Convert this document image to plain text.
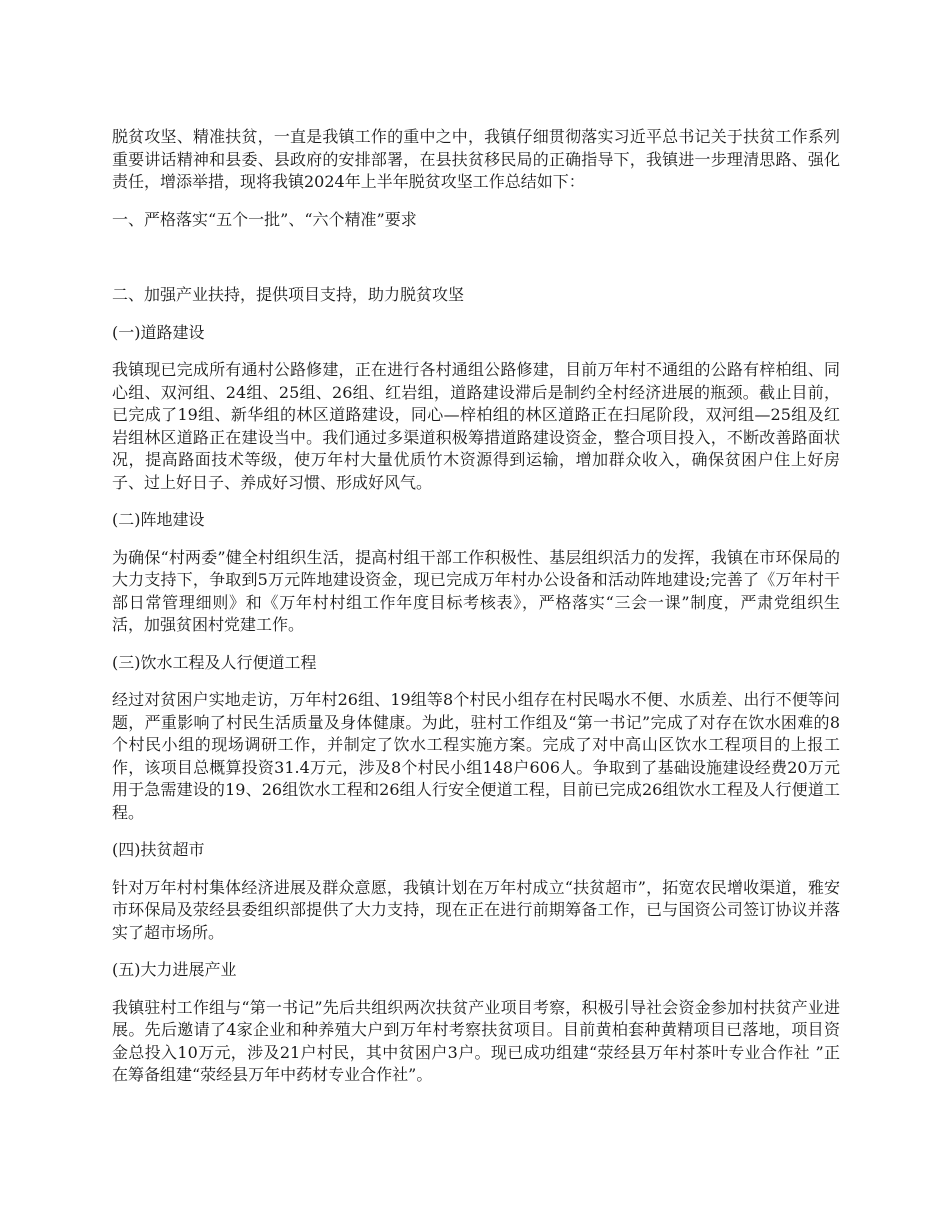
脱贫攻坚、精准扶贫，一直是我镇工作的重中之中，我镇仔细贯彻落实习近平总书记关于扶贫工作系列重要讲话精神和县委、县政府的安排部署，在县扶贫移民局的正确指导下，我镇进一步理清思路、强化责任，增添举措，现将我镇2024年上半年脱贫攻坚工作总结如下：

一、严格落实“五个一批”、“六个精准”要求

二、加强产业扶持，提供项目支持，助力脱贫攻坚

(一)道路建设

我镇现已完成所有通村公路修建，正在进行各村通组公路修建，目前万年村不通组的公路有梓柏组、同心组、双河组、24组、25组、26组、红岩组，道路建设滞后是制约全村经济进展的瓶颈。截止目前，已完成了19组、新华组的林区道路建设，同心—梓柏组的林区道路正在扫尾阶段，双河组—25组及红岩组林区道路正在建设当中。我们通过多渠道积极筹措道路建设资金，整合项目投入，不断改善路面状况，提高路面技术等级，使万年村大量优质竹木资源得到运输，增加群众收入，确保贫困户住上好房子、过上好日子、养成好习惯、形成好风气。

(二)阵地建设

为确保“村两委”健全村组织生活，提高村组干部工作积极性、基层组织活力的发挥，我镇在市环保局的大力支持下，争取到5万元阵地建设资金，现已完成万年村办公设备和活动阵地建设;完善了《万年村干部日常管理细则》和《万年村村组工作年度目标考核表》，严格落实“三会一课”制度，严肃党组织生活，加强贫困村党建工作。

(三)饮水工程及人行便道工程

经过对贫困户实地走访，万年村26组、19组等8个村民小组存在村民喝水不便、水质差、出行不便等问题，严重影响了村民生活质量及身体健康。为此，驻村工作组及“第一书记”完成了对存在饮水困难的8个村民小组的现场调研工作，并制定了饮水工程实施方案。完成了对中高山区饮水工程项目的上报工作，该项目总概算投资31.4万元，涉及8个村民小组148户606人。争取到了基础设施建设经费20万元用于急需建设的19、26组饮水工程和26组人行安全便道工程，目前已完成26组饮水工程及人行便道工程。

(四)扶贫超市

针对万年村村集体经济进展及群众意愿，我镇计划在万年村成立“扶贫超市”，拓宽农民增收渠道，雅安市环保局及荥经县委组织部提供了大力支持，现在正在进行前期筹备工作，已与国资公司签订协议并落实了超市场所。

(五)大力进展产业

我镇驻村工作组与“第一书记”先后共组织两次扶贫产业项目考察，积极引导社会资金参加村扶贫产业进展。先后邀请了4家企业和种养殖大户到万年村考察扶贫项目。目前黄柏套种黄精项目已落地，项目资金总投入10万元，涉及21户村民，其中贫困户3户。现已成功组建“荥经县万年村茶叶专业合作社 ”正在筹备组建“荥经县万年中药材专业合作社”。
